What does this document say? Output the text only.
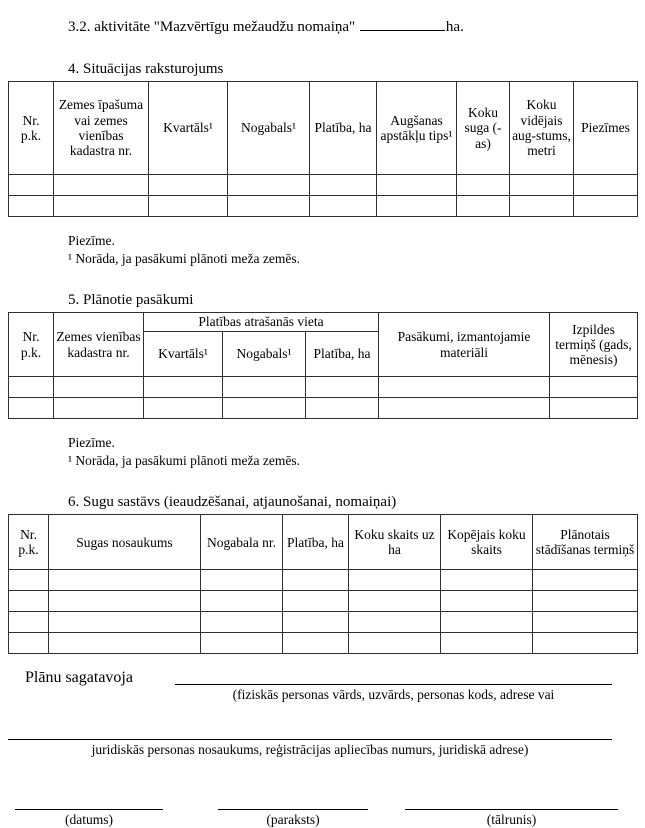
3.2. aktivitāte "Mazvērtīgu mežaudžu nomaiņa"	ha.

4. Situācijas raksturojums

Nr. p.k.	Zemes īpašuma vai zemes vienības kadastra nr.	Kvartāls¹	Nogabals¹	Platība, ha	Augšanas apstākļu tips¹	Koku suga (-as)	Koku vidējais aug-stums, metri	Piezīmes

Piezīme.
¹ Norāda, ja pasākumi plānoti meža zemēs.

5. Plānotie pasākumi

Nr. p.k.	Zemes vienības kadastra nr.	Platības atrašanās vieta			Pasākumi, izmantojamie materiāli	Izpildes termiņš (gads, mēnesis)
		Kvartāls¹	Nogabals¹	Platība, ha		

Piezīme.
¹ Norāda, ja pasākumi plānoti meža zemēs.

6. Sugu sastāvs (ieaudzēšanai, atjaunošanai, nomaiņai)

Nr. p.k.	Sugas nosaukums	Nogabala nr.	Platība, ha	Koku skaits uz ha	Kopējais koku skaits	Plānotais stādīšanas termiņš

Plānu sagatavoja
(fiziskās personas vārds, uzvārds, personas kods, adrese vai
juridiskās personas nosaukums, reģistrācijas apliecības numurs, juridiskā adrese)
(datums)	(paraksts)	(tālrunis)
